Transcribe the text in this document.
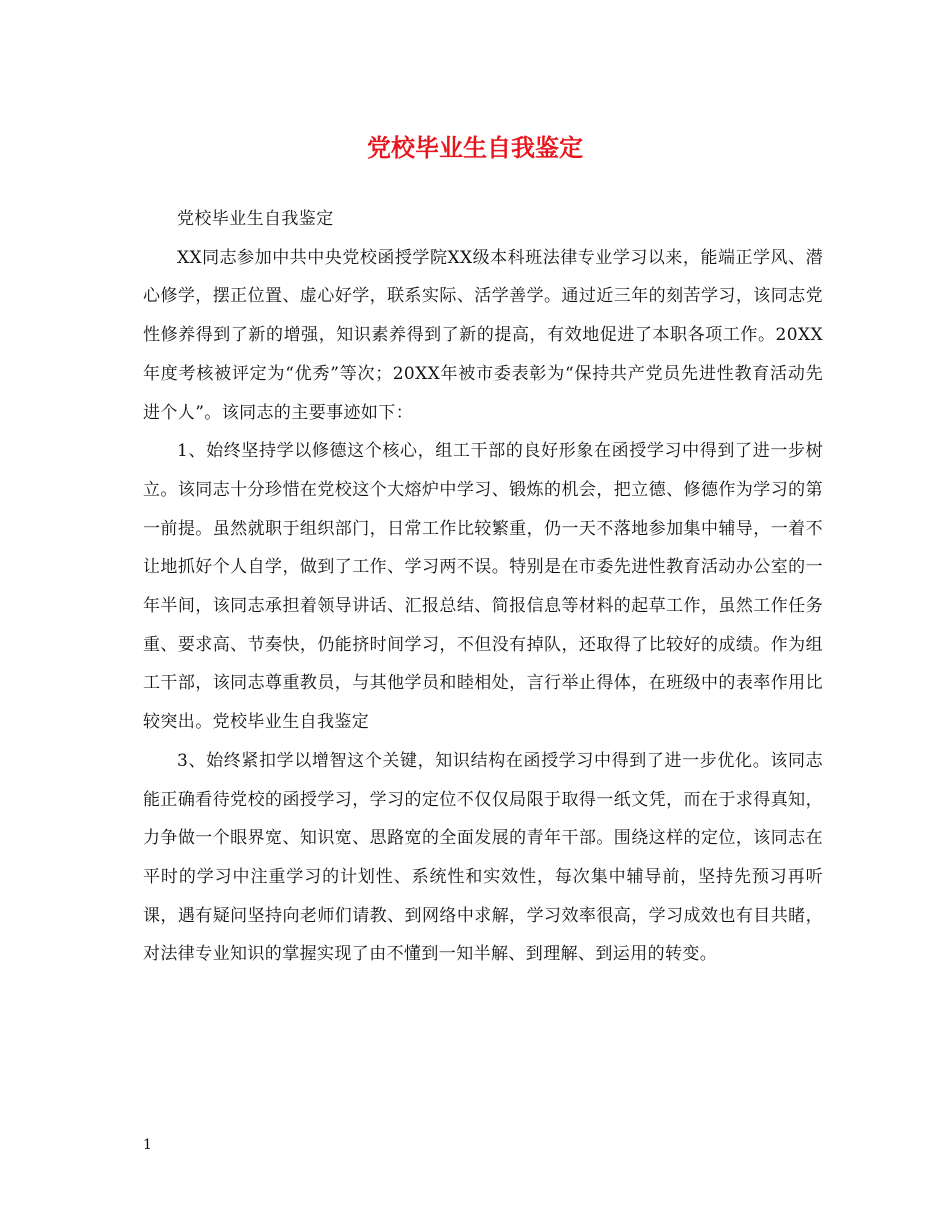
党校毕业生自我鉴定

党校毕业生自我鉴定

XX同志参加中共中央党校函授学院XX级本科班法律专业学习以来，能端正学风、潜心修学，摆正位置、虚心好学，联系实际、活学善学。通过近三年的刻苦学习，该同志党性修养得到了新的增强，知识素养得到了新的提高，有效地促进了本职各项工作。20XX年度考核被评定为“优秀”等次；20XX年被市委表彰为“保持共产党员先进性教育活动先进个人”。该同志的主要事迹如下：

1、始终坚持学以修德这个核心，组工干部的良好形象在函授学习中得到了进一步树立。该同志十分珍惜在党校这个大熔炉中学习、锻炼的机会，把立德、修德作为学习的第一前提。虽然就职于组织部门，日常工作比较繁重，仍一天不落地参加集中辅导，一着不让地抓好个人自学，做到了工作、学习两不误。特别是在市委先进性教育活动办公室的一年半间，该同志承担着领导讲话、汇报总结、简报信息等材料的起草工作，虽然工作任务重、要求高、节奏快，仍能挤时间学习，不但没有掉队，还取得了比较好的成绩。作为组工干部，该同志尊重教员，与其他学员和睦相处，言行举止得体，在班级中的表率作用比较突出。党校毕业生自我鉴定

3、始终紧扣学以增智这个关键，知识结构在函授学习中得到了进一步优化。该同志能正确看待党校的函授学习，学习的定位不仅仅局限于取得一纸文凭，而在于求得真知，力争做一个眼界宽、知识宽、思路宽的全面发展的青年干部。围绕这样的定位，该同志在平时的学习中注重学习的计划性、系统性和实效性，每次集中辅导前，坚持先预习再听课，遇有疑问坚持向老师们请教、到网络中求解，学习效率很高，学习成效也有目共睹，对法律专业知识的掌握实现了由不懂到一知半解、到理解、到运用的转变。

1
